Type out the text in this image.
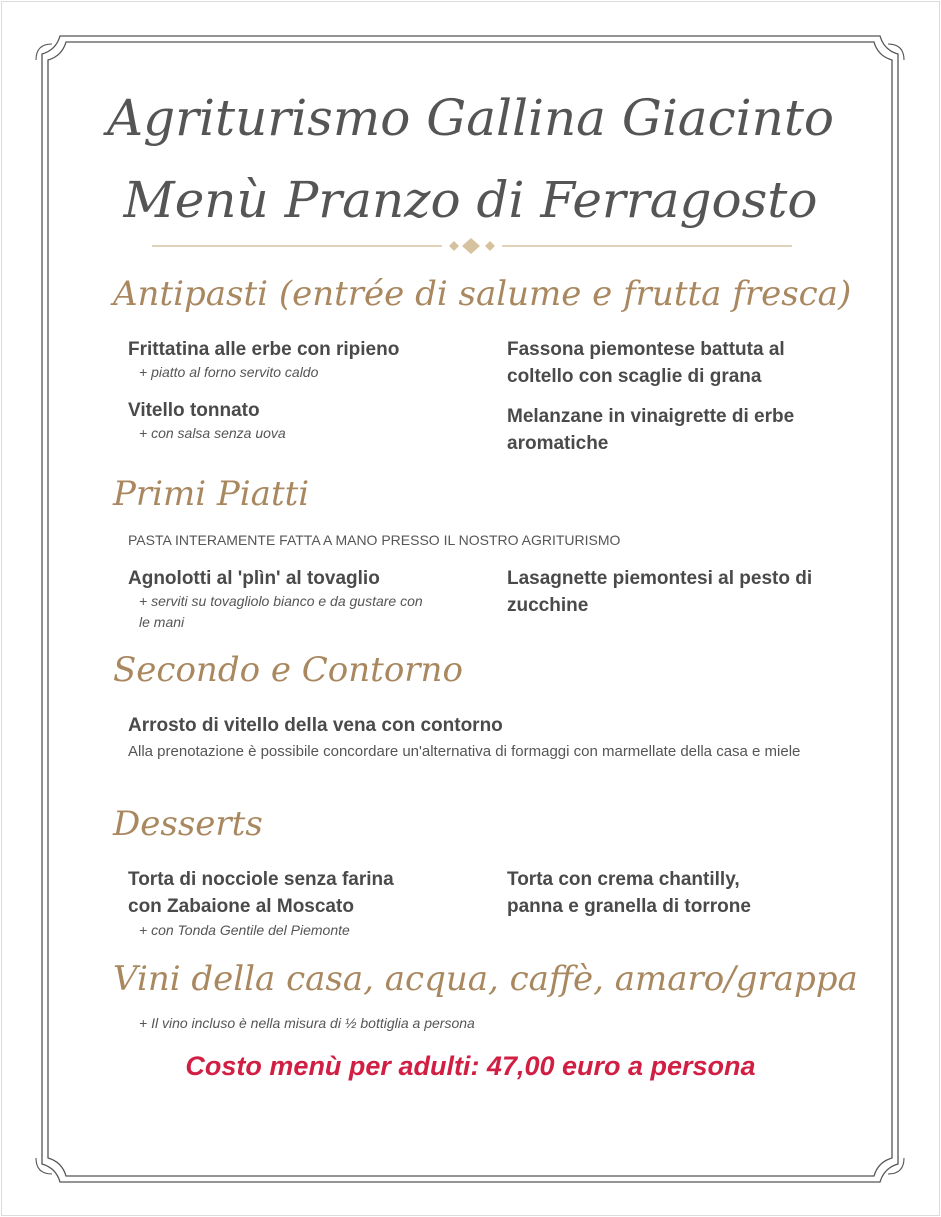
Agriturismo Gallina Giacinto
Menù Pranzo di Ferragosto
Antipasti (entrée di salume e frutta fresca)
Frittatina alle erbe con ripieno
+ piatto al forno servito caldo
Vitello tonnato
+ con salsa senza uova
Fassona piemontese battuta al coltello con scaglie di grana
Melanzane in vinaigrette di erbe aromatiche
Primi Piatti
PASTA INTERAMENTE FATTA A MANO PRESSO IL NOSTRO AGRITURISMO
Agnolotti al 'plìn' al tovaglio
+ serviti su tovagliolo bianco e da gustare con le mani
Lasagnette piemontesi al pesto di zucchine
Secondo e Contorno
Arrosto di vitello della vena con contorno
Alla prenotazione è possibile concordare un'alternativa di formaggi con marmellate della casa e miele
Desserts
Torta di nocciole senza farina con Zabaione al Moscato
+ con Tonda Gentile del Piemonte
Torta con crema chantilly, panna e granella di torrone
Vini della casa, acqua, caffè, amaro/grappa
+ Il vino incluso è nella misura di ½ bottiglia a persona
Costo menù per adulti: 47,00 euro a persona
